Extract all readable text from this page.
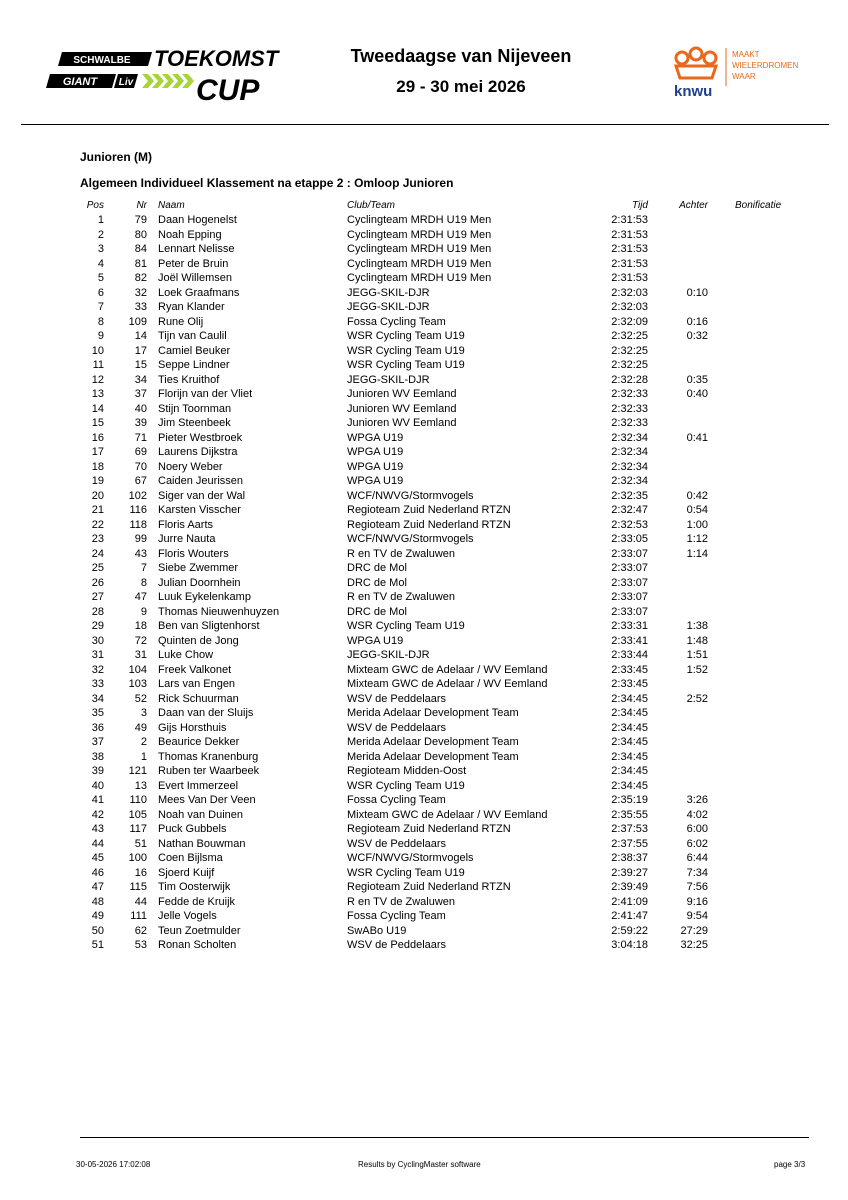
SCHWALBE TOEKOMST
GIANT Liv CUP
Tweedaagse van Nijeveen
29 - 30 mei 2026	knwu
MAAKT
WIELERDROMEN
WAAR
Junioren (M)
Algemeen Individueel Klassement na etappe 2 : Omloop Junioren
Pos	Nr Naam	Club/Team	Tijd	Achter	Bonificatie
1	79 Daan Hogenelst	Cyclingteam MRDH U19 Men	2:31:53
2	80 Noah Epping	Cyclingteam MRDH U19 Men	2:31:53
3	84 Lennart Nelisse	Cyclingteam MRDH U19 Men	2:31:53
4	81 Peter de Bruin	Cyclingteam MRDH U19 Men	2:31:53
5	82 Joël Willemsen	Cyclingteam MRDH U19 Men	2:31:53
6	32 Loek Graafmans	JEGG-SKIL-DJR	2:32:03	0:10
7	33 Ryan Klander	JEGG-SKIL-DJR	2:32:03
8	109 Rune Olij	Fossa Cycling Team	2:32:09	0:16
9	14 Tijn van Caulil	WSR Cycling Team U19	2:32:25	0:32
10	17 Camiel Beuker	WSR Cycling Team U19	2:32:25
11	15 Seppe Lindner	WSR Cycling Team U19	2:32:25
12	34 Ties Kruithof	JEGG-SKIL-DJR	2:32:28	0:35
13	37 Florijn van der Vliet	Junioren WV Eemland	2:32:33	0:40
14	40 Stijn Toornman	Junioren WV Eemland	2:32:33
15	39 Jim Steenbeek	Junioren WV Eemland	2:32:33
16	71 Pieter Westbroek	WPGA U19	2:32:34	0:41
17	69 Laurens Dijkstra	WPGA U19	2:32:34
18	70 Noery Weber	WPGA U19	2:32:34
19	67 Caiden Jeurissen	WPGA U19	2:32:34
20	102 Siger van der Wal	WCF/NWVG/Stormvogels	2:32:35	0:42
21	116 Karsten Visscher	Regioteam Zuid Nederland RTZN	2:32:47	0:54
22	118 Floris Aarts	Regioteam Zuid Nederland RTZN	2:32:53	1:00
23	99 Jurre Nauta	WCF/NWVG/Stormvogels	2:33:05	1:12
24	43 Floris Wouters	R en TV de Zwaluwen	2:33:07	1:14
25	7 Siebe Zwemmer	DRC de Mol	2:33:07
26	8 Julian Doornhein	DRC de Mol	2:33:07
27	47 Luuk Eykelenkamp	R en TV de Zwaluwen	2:33:07
28	9 Thomas Nieuwenhuyzen	DRC de Mol	2:33:07
29	18 Ben van Sligtenhorst	WSR Cycling Team U19	2:33:31	1:38
30	72 Quinten de Jong	WPGA U19	2:33:41	1:48
31	31 Luke Chow	JEGG-SKIL-DJR	2:33:44	1:51
32	104 Freek Valkonet	Mixteam GWC de Adelaar / WV Eemland	2:33:45	1:52
33	103 Lars van Engen	Mixteam GWC de Adelaar / WV Eemland	2:33:45
34	52 Rick Schuurman	WSV de Peddelaars	2:34:45	2:52
35	3 Daan van der Sluijs	Merida Adelaar Development Team	2:34:45
36	49 Gijs Horsthuis	WSV de Peddelaars	2:34:45
37	2 Beaurice Dekker	Merida Adelaar Development Team	2:34:45
38	1 Thomas Kranenburg	Merida Adelaar Development Team	2:34:45
39	121 Ruben ter Waarbeek	Regioteam Midden-Oost	2:34:45
40	13 Evert Immerzeel	WSR Cycling Team U19	2:34:45
41	110 Mees Van Der Veen	Fossa Cycling Team	2:35:19	3:26
42	105 Noah van Duinen	Mixteam GWC de Adelaar / WV Eemland	2:35:55	4:02
43	117 Puck Gubbels	Regioteam Zuid Nederland RTZN	2:37:53	6:00
44	51 Nathan Bouwman	WSV de Peddelaars	2:37:55	6:02
45	100 Coen Bijlsma	WCF/NWVG/Stormvogels	2:38:37	6:44
46	16 Sjoerd Kuijf	WSR Cycling Team U19	2:39:27	7:34
47	115 Tim Oosterwijk	Regioteam Zuid Nederland RTZN	2:39:49	7:56
48	44 Fedde de Kruijk	R en TV de Zwaluwen	2:41:09	9:16
49	111 Jelle Vogels	Fossa Cycling Team	2:41:47	9:54
50	62 Teun Zoetmulder	SwABo U19	2:59:22	27:29
51	53 Ronan Scholten	WSV de Peddelaars	3:04:18	32:25
30-05-2026 17:02:08	Results by CyclingMaster software	page 3/3
